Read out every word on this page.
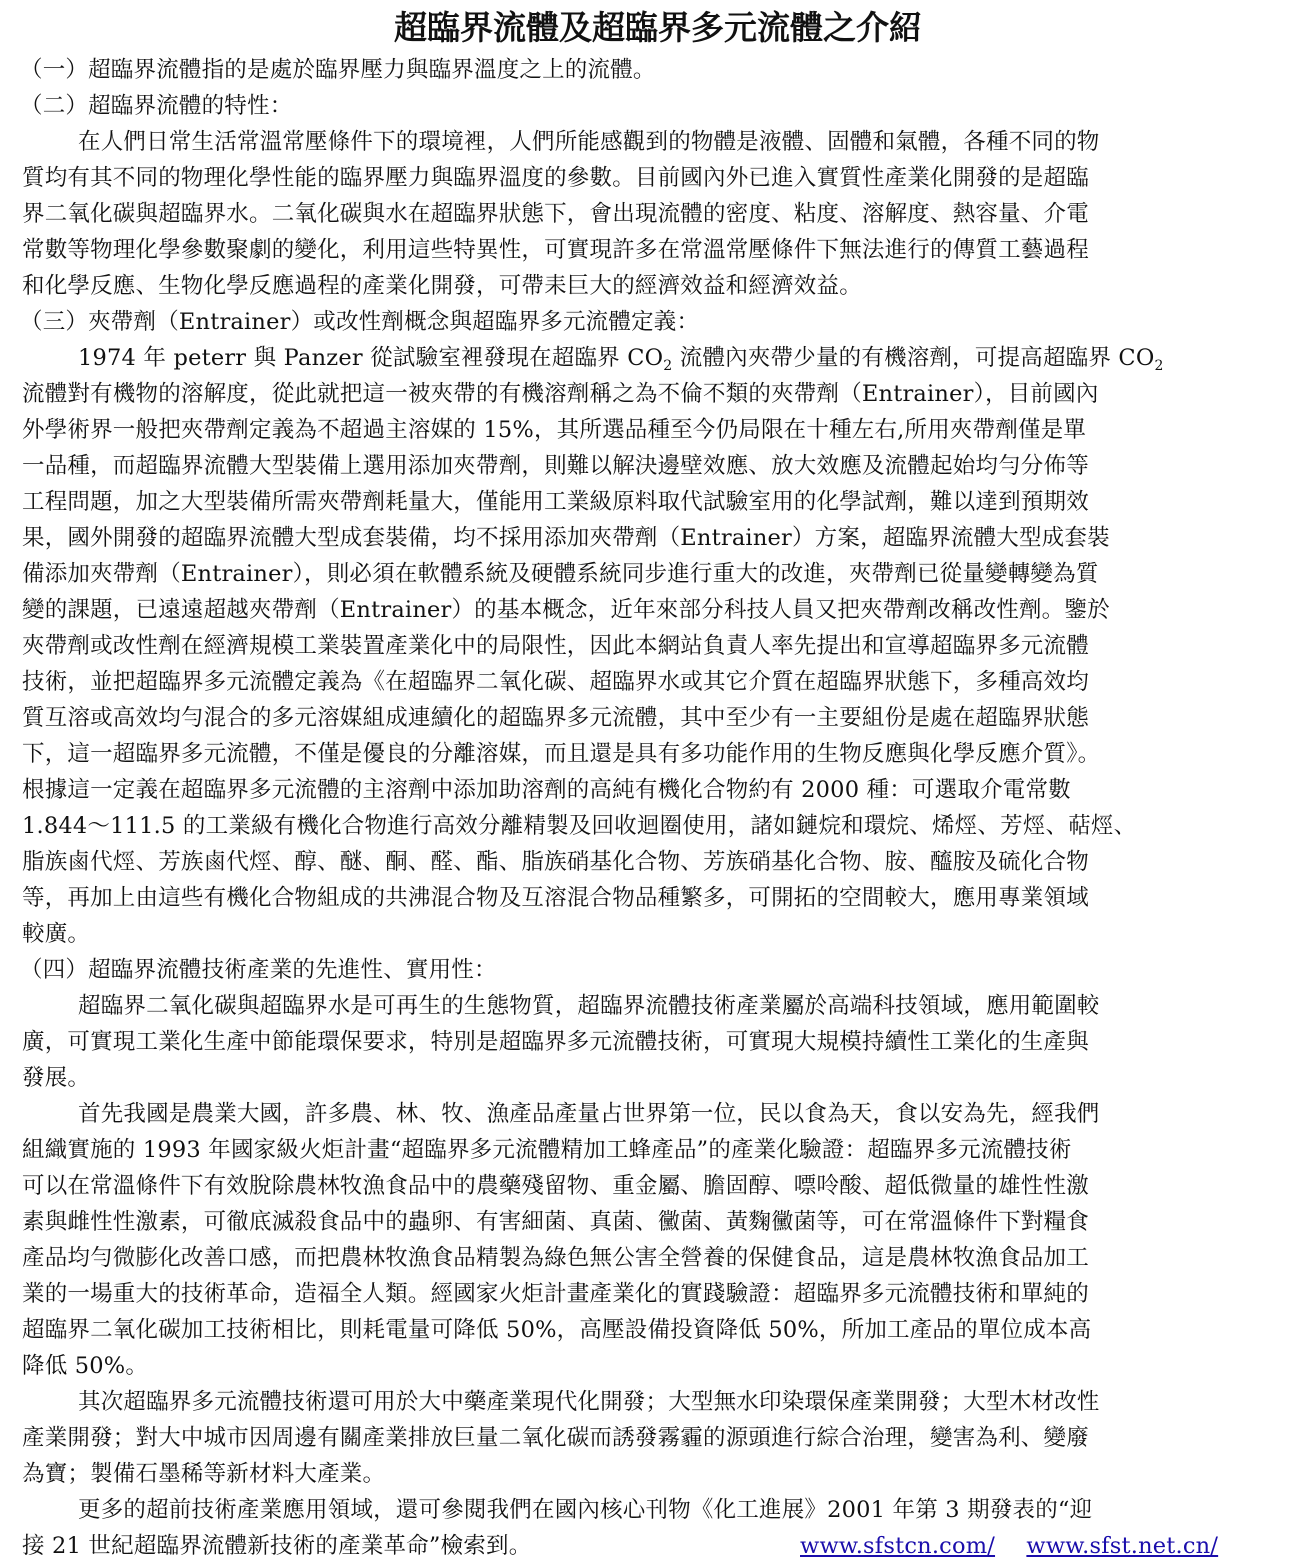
超臨界流體及超臨界多元流體之介紹
（一）超臨界流體指的是處於臨界壓力與臨界溫度之上的流體。
（二）超臨界流體的特性：
在人們日常生活常溫常壓條件下的環境裡，人們所能感觀到的物體是液體、固體和氣體，各種不同的物
質均有其不同的物理化學性能的臨界壓力與臨界溫度的參數。目前國內外已進入實質性產業化開發的是超臨
界二氧化碳與超臨界水。二氧化碳與水在超臨界狀態下，會出現流體的密度、粘度、溶解度、熱容量、介電
常數等物理化學參數聚劇的變化，利用這些特異性，可實現許多在常溫常壓條件下無法進行的傳質工藝過程
和化學反應、生物化學反應過程的產業化開發，可帶耒巨大的經濟效益和經濟效益。
（三）夾帶劑（Entrainer）或改性劑概念與超臨界多元流體定義：
1974 年 peterr 與 Panzer 從試驗室裡發現在超臨界 $CO_2$ 流體內夾帶少量的有機溶劑，可提高超臨界 $CO_2$
流體對有機物的溶解度，從此就把這一被夾帶的有機溶劑稱之為不倫不類的夾帶劑（Entrainer），目前國內
外學術界一般把夾帶劑定義為不超過主溶媒的 15%，其所選品種至今仍局限在十種左右,所用夾帶劑僅是單
一品種，而超臨界流體大型裝備上選用添加夾帶劑，則難以解決邊壁效應、放大效應及流體起始均勻分佈等
工程問題，加之大型裝備所需夾帶劑耗量大，僅能用工業級原料取代試驗室用的化學試劑，難以達到預期效
果，國外開發的超臨界流體大型成套裝備，均不採用添加夾帶劑（Entrainer）方案，超臨界流體大型成套裝
備添加夾帶劑（Entrainer），則必須在軟體系統及硬體系統同步進行重大的改進，夾帶劑已從量變轉變為質
變的課題，已遠遠超越夾帶劑（Entrainer）的基本概念，近年來部分科技人員又把夾帶劑改稱改性劑。鑒於
夾帶劑或改性劑在經濟規模工業裝置產業化中的局限性，因此本網站負責人率先提出和宣導超臨界多元流體
技術，並把超臨界多元流體定義為《在超臨界二氧化碳、超臨界水或其它介質在超臨界狀態下，多種高效均
質互溶或高效均勻混合的多元溶媒組成連續化的超臨界多元流體，其中至少有一主要組份是處在超臨界狀態
下，這一超臨界多元流體，不僅是優良的分離溶媒，而且還是具有多功能作用的生物反應與化學反應介質》。
根據這一定義在超臨界多元流體的主溶劑中添加助溶劑的高純有機化合物約有 2000 種：可選取介電常數
1.844～111.5 的工業級有機化合物進行高效分離精製及回收迴圈使用，諸如鏈烷和環烷、烯烴、芳烴、萜烴、
脂族鹵代烴、芳族鹵代烴、醇、醚、酮、醛、酯、脂族硝基化合物、芳族硝基化合物、胺、醯胺及硫化合物
等，再加上由這些有機化合物組成的共沸混合物及互溶混合物品種繁多，可開拓的空間較大，應用專業領域
較廣。
（四）超臨界流體技術產業的先進性、實用性：
超臨界二氧化碳與超臨界水是可再生的生態物質，超臨界流體技術產業屬於高端科技領域，應用範圍較
廣，可實現工業化生產中節能環保要求，特別是超臨界多元流體技術，可實現大規模持續性工業化的生產與
發展。
首先我國是農業大國，許多農、林、牧、漁產品產量占世界第一位，民以食為天，食以安為先，經我們
組織實施的 1993 年國家級火炬計畫“超臨界多元流體精加工蜂產品”的產業化驗證：超臨界多元流體技術
可以在常溫條件下有效脫除農林牧漁食品中的農藥殘留物、重金屬、膽固醇、嘌呤酸、超低微量的雄性性激
素與雌性性激素，可徹底滅殺食品中的蟲卵、有害細菌、真菌、黴菌、黃麴黴菌等，可在常溫條件下對糧食
產品均勻微膨化改善口感，而把農林牧漁食品精製為綠色無公害全營養的保健食品，這是農林牧漁食品加工
業的一場重大的技術革命，造福全人類。經國家火炬計畫產業化的實踐驗證：超臨界多元流體技術和單純的
超臨界二氧化碳加工技術相比，則耗電量可降低 50%，高壓設備投資降低 50%，所加工產品的單位成本高
降低 50%。
其次超臨界多元流體技術還可用於大中藥產業現代化開發；大型無水印染環保產業開發；大型木材改性
產業開發；對大中城市因周邊有關產業排放巨量二氧化碳而誘發霧霾的源頭進行綜合治理，變害為利、變廢
為寶；製備石墨稀等新材料大產業。
更多的超前技術產業應用領域，還可參閱我們在國內核心刊物《化工進展》2001 年第 3 期發表的“迎
接 21 世紀超臨界流體新技術的產業革命”檢索到。	www.sfstcn.com/ www.sfst.net.cn/
